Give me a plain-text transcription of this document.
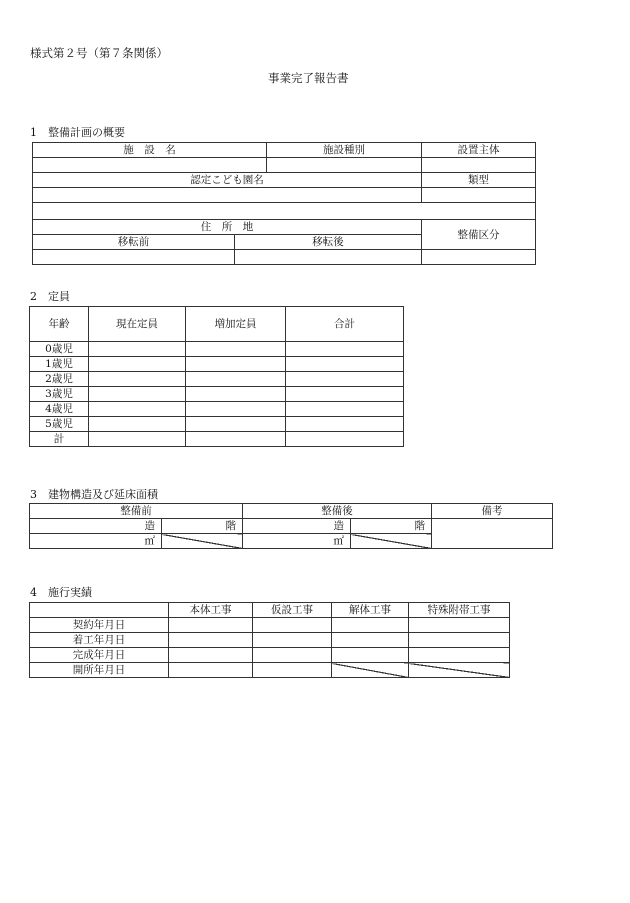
様式第２号（第７条関係）
事業完了報告書
1　整備計画の概要
施　設　名		施設種別	設置主体

認定こども園名			類型

住　所　地			整備区分
移転前	移転後		

2　定員
年齢	現在定員	増加定員	合計
0歳児			
1歳児			
2歳児			
3歳児			
4歳児			
5歳児			
計			
3　建物構造及び延床面積
整備前		整備後		備考
造	階	造	階	
㎡		㎡		
4　施行実績
	本体工事	仮設工事	解体工事	特殊附帯工事
契約年月日				
着工年月日				
完成年月日				
開所年月日				
